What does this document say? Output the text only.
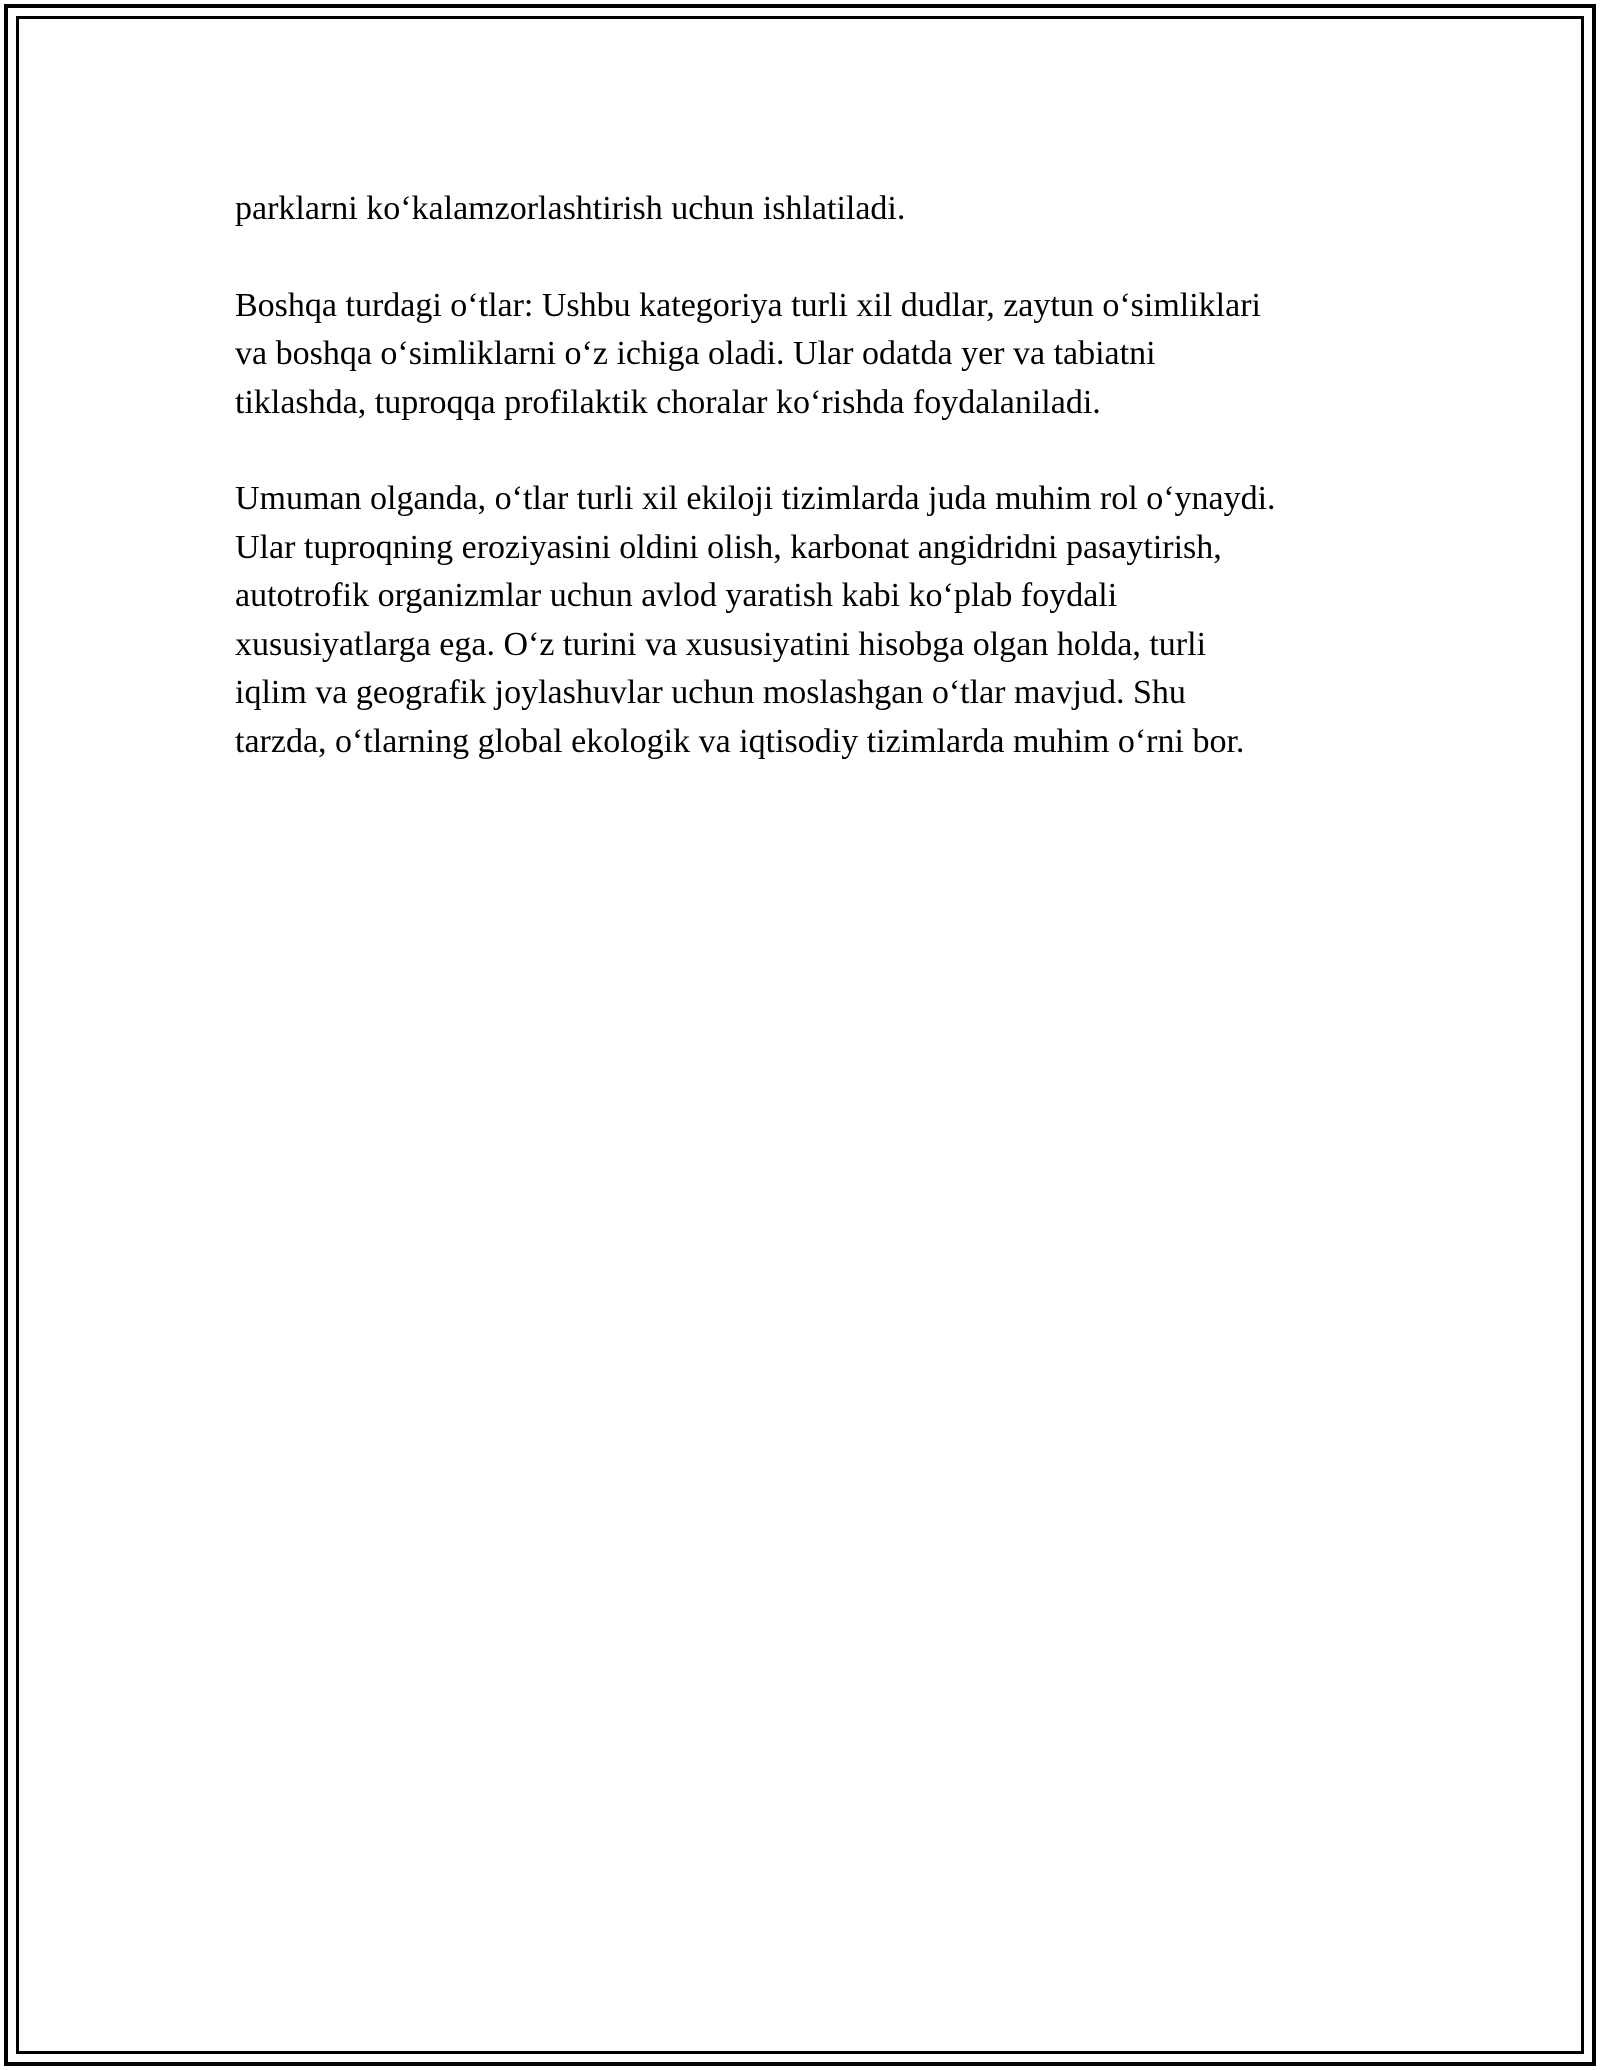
parklarni ko‘kalamzorlashtirish uchun ishlatiladi.

Boshqa turdagi o‘tlar: Ushbu kategoriya turli xil dudlar, zaytun o‘simliklari
va boshqa o‘simliklarni o‘z ichiga oladi. Ular odatda yer va tabiatni
tiklashda, tuproqqa profilaktik choralar ko‘rishda foydalaniladi.

Umuman olganda, o‘tlar turli xil ekiloji tizimlarda juda muhim rol o‘ynaydi.
Ular tuproqning eroziyasini oldini olish, karbonat angidridni pasaytirish,
autotrofik organizmlar uchun avlod yaratish kabi ko‘plab foydali
xususiyatlarga ega. O‘z turini va xususiyatini hisobga olgan holda, turli
iqlim va geografik joylashuvlar uchun moslashgan o‘tlar mavjud. Shu
tarzda, o‘tlarning global ekologik va iqtisodiy tizimlarda muhim o‘rni bor.
